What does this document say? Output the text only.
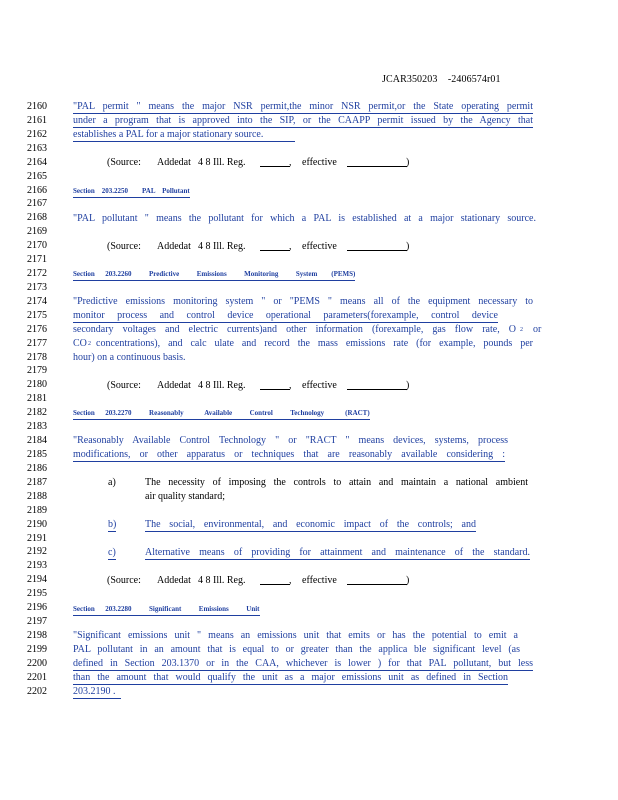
JCAR350203 -2406574r01
2160
2161
2162
2163
2164
2165
2166
2167
2168
2169
2170
2171
2172
2173
2174
2175
2176
2177
2178
2179
2180
2181
2182
2183
2184
2185
2186
2187
2188
2189
2190
2191
2192
2193
2194
2195
2196
2197
2198
2199
2200
2201
2202
"PAL permit " means the major NSR permit,the minor NSR permit,or the State operating permit
under a program that is approved into the SIP, or the CAAPP permit issued by the Agency that
establishes a PAL for a major stationary source.
(Source: Addedat 4 8 Ill. Reg.	, effective	)
Section    203.2250        PAL    Pollutant
"PAL pollutant " means the pollutant for which a PAL is established at a major stationary source.
(Source: Addedat 4 8 Ill. Reg.	, effective	)
Section      203.2260          Predictive          Emissions          Monitoring          System        (PEMS)
"Predictive emissions monitoring system " or "PEMS " means all of the equipment necessary to
monitor process and control device operational parameters(forexample, control device
secondary voltages and electric currents)and other information (forexample, gas flow rate, O 2 or
CO 2 concentrations), and calc ulate and record the mass emissions rate (for example, pounds per
hour) on a continuous basis.
(Source: Addedat 4 8 Ill. Reg.	, effective	)
Section      203.2270          Reasonably            Available          Control          Technology            (RACT)
"Reasonably Available Control Technology " or "RACT " means devices, systems, process
modifications, or other apparatus or techniques that are reasonably available considering :
a)	The necessity of imposing the controls to attain and maintain a national ambient
air quality standard;
b)	The social, environmental, and economic impact of the controls; and
c)	Alternative means of providing for attainment and maintenance of the standard.
(Source: Addedat 4 8 Ill. Reg.	, effective	)
Section      203.2280          Significant          Emissions          Unit
"Significant emissions unit " means an emissions unit that emits or has the potential to emit a
PAL pollutant in an amount that is equal to or greater than the applica ble significant level (as
defined in Section 203.1370 or in the CAA, whichever is lower ) for that PAL pollutant, but less
than the amount that would qualify the unit as a major emissions unit as defined in Section
203.2190 .
